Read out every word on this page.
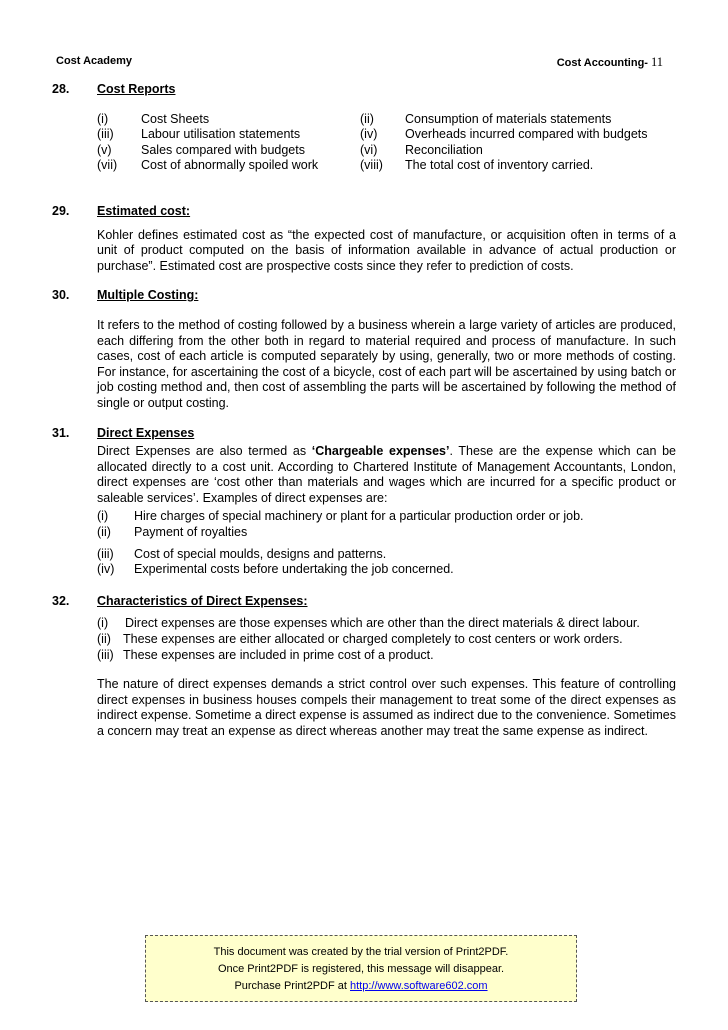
Cost Academy	Cost Accounting- 11
28.	Cost Reports
(i)	Cost Sheets	(ii)	Consumption of materials statements
(iii)	Labour utilisation statements	(iv)	Overheads incurred compared with budgets
(v)	Sales compared with budgets	(vi)	Reconciliation
(vii)	Cost of abnormally spoiled work	(viii)	The total cost of inventory carried.
29.	Estimated cost:
Kohler defines estimated cost as “the expected cost of manufacture, or acquisition often in terms of a unit of product computed on the basis of information available in advance of actual production or purchase”. Estimated cost are prospective costs since they refer to prediction of costs.
30.	Multiple Costing:
It refers to the method of costing followed by a business wherein a large variety of articles are produced, each differing from the other both in regard to material required and process of manufacture. In such cases, cost of each article is computed separately by using, generally, two or more methods of costing. For instance, for ascertaining the cost of a bicycle, cost of each part will be ascertained by using batch or job costing method and, then cost of assembling the parts will be ascertained by following the method of single or output costing.
31.	Direct Expenses
Direct Expenses are also termed as ‘Chargeable expenses’. These are the expense which can be allocated directly to a cost unit. According to Chartered Institute of Management Accountants, London, direct expenses are ‘cost other than materials and wages which are incurred for a specific product or saleable services’. Examples of direct expenses are:
(i)	Hire charges of special machinery or plant for a particular production order or job.
(ii)	Payment of royalties
(iii)	Cost of special moulds, designs and patterns.
(iv)	Experimental costs before undertaking the job concerned.
32.	Characteristics of Direct Expenses:
(i)	Direct expenses are those expenses which are other than the direct materials & direct labour.
(ii) These expenses are either allocated or charged completely to cost centers or work orders.
(iii) These expenses are included in prime cost of a product.
The nature of direct expenses demands a strict control over such expenses. This feature of controlling direct expenses in business houses compels their management to treat some of the direct expenses as indirect expense. Sometime a direct expense is assumed as indirect due to the convenience. Sometimes a concern may treat an expense as direct whereas another may treat the same expense as indirect.
This document was created by the trial version of Print2PDF.
Once Print2PDF is registered, this message will disappear.
Purchase Print2PDF at http://www.software602.com
